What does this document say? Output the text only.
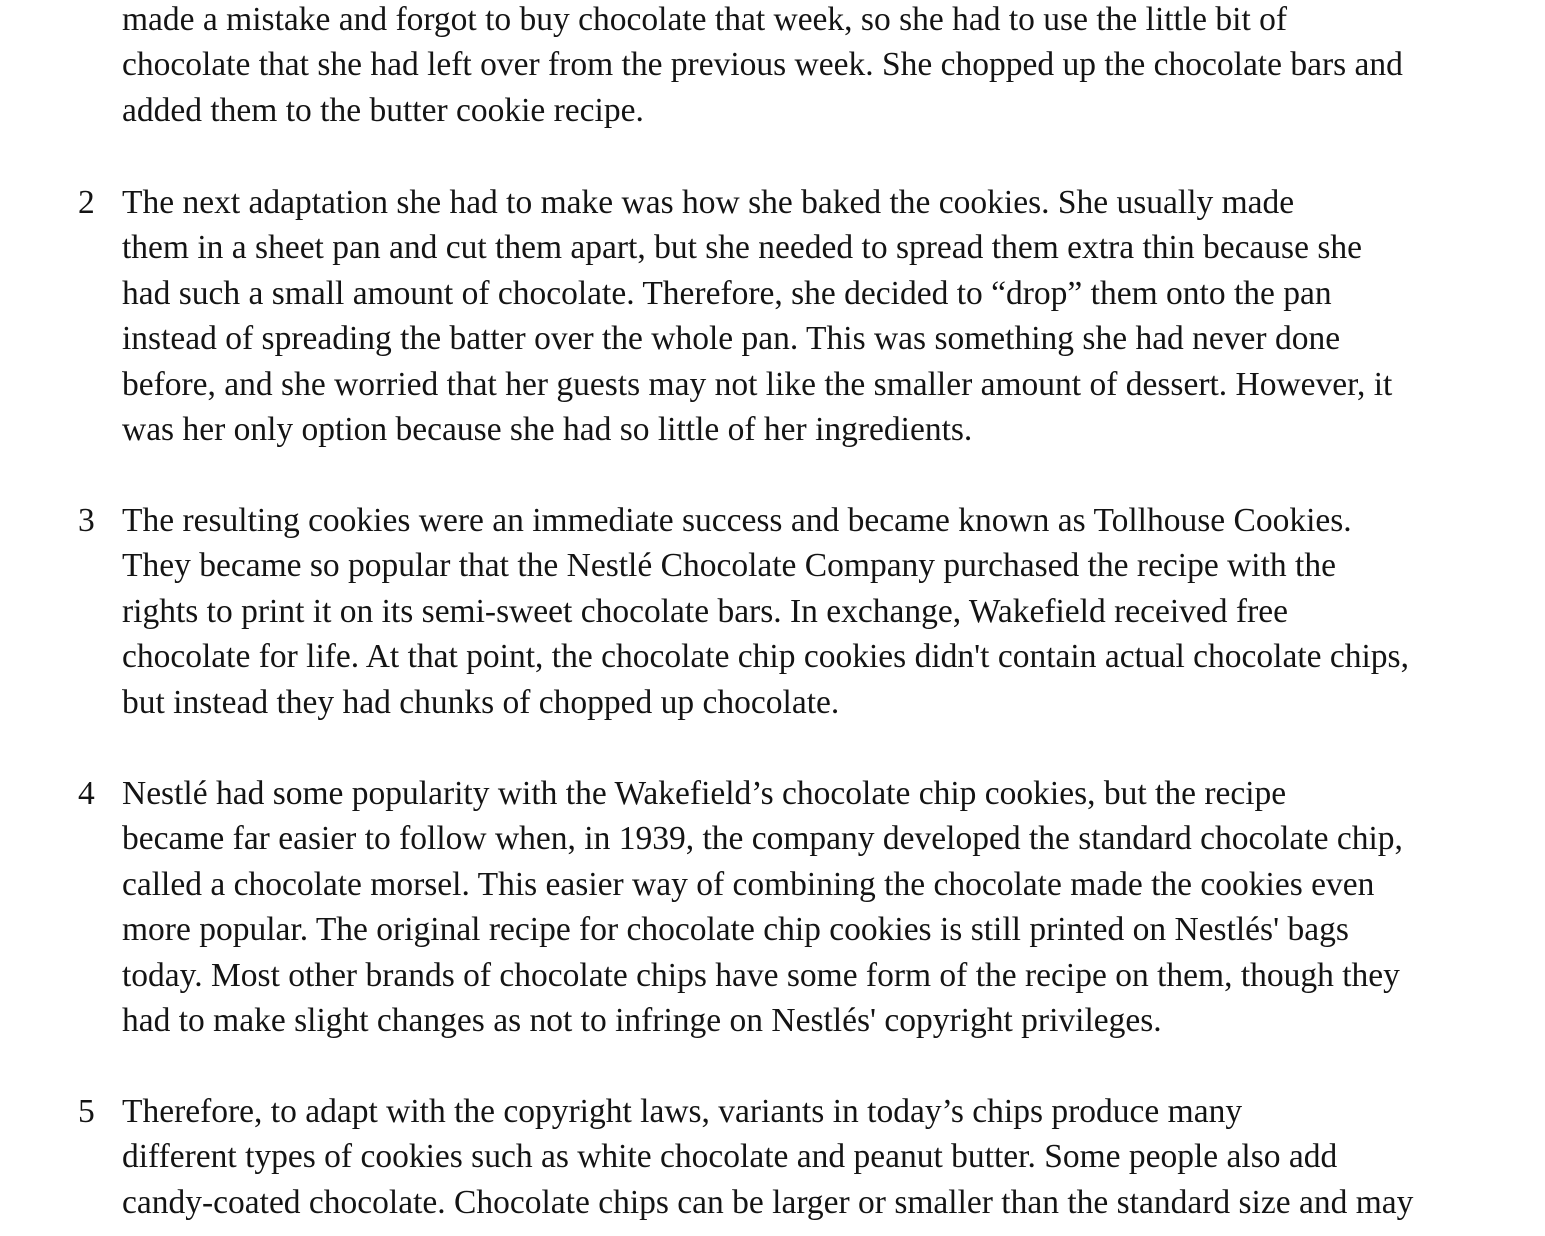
made a mistake and forgot to buy chocolate that week, so she had to use the little bit of
chocolate that she had left over from the previous week. She chopped up the chocolate bars and
added them to the butter cookie recipe.

2 The next adaptation she had to make was how she baked the cookies. She usually made
them in a sheet pan and cut them apart, but she needed to spread them extra thin because she
had such a small amount of chocolate. Therefore, she decided to “drop” them onto the pan
instead of spreading the batter over the whole pan. This was something she had never done
before, and she worried that her guests may not like the smaller amount of dessert. However, it
was her only option because she had so little of her ingredients.

3 The resulting cookies were an immediate success and became known as Tollhouse Cookies.
They became so popular that the Nestlé Chocolate Company purchased the recipe with the
rights to print it on its semi-sweet chocolate bars. In exchange, Wakefield received free
chocolate for life. At that point, the chocolate chip cookies didn't contain actual chocolate chips,
but instead they had chunks of chopped up chocolate.

4 Nestlé had some popularity with the Wakefield’s chocolate chip cookies, but the recipe
became far easier to follow when, in 1939, the company developed the standard chocolate chip,
called a chocolate morsel. This easier way of combining the chocolate made the cookies even
more popular. The original recipe for chocolate chip cookies is still printed on Nestlés' bags
today. Most other brands of chocolate chips have some form of the recipe on them, though they
had to make slight changes as not to infringe on Nestlés' copyright privileges.

5 Therefore, to adapt with the copyright laws, variants in today’s chips produce many
different types of cookies such as white chocolate and peanut butter. Some people also add
candy-coated chocolate. Chocolate chips can be larger or smaller than the standard size and may
